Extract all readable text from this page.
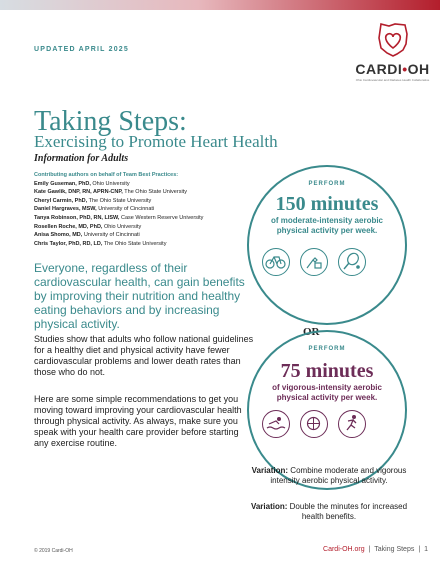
UPDATED APRIL 2025
CARDI•OH
Ohio Cardiovascular and Diabetes Health Collaborative
Taking Steps:
Exercising to Promote Heart Health
Information for Adults
Contributing authors on behalf of Team Best Practices:
Emily Guseman, PhD, Ohio University
Kate Gawlik, DNP, RN, APRN-CNP, The Ohio State University
Cheryl Carmin, PhD, The Ohio State University
Daniel Hargraves, MSW, University of Cincinnati
Tanya Robinson, PhD, RN, LISW, Case Western Reserve University
Rosellen Roche, MD, PhD, Ohio University
Anisa Shomo, MD, University of Cincinnati
Chris Taylor, PhD, RD, LD, The Ohio State University
Everyone, regardless of their cardiovascular health, can gain benefits by improving their nutrition and healthy eating behaviors and by increasing physical activity.
Studies show that adults who follow national guidelines for a healthy diet and physical activity have fewer cardiovascular problems and lower death rates than those who do not.
Here are some simple recommendations to get you moving toward improving your cardiovascular health through physical activity. As always, make sure you speak with your health care provider before starting any exercise routine.
PERFORM
150 minutes
of moderate-intensity aerobic physical activity per week.
OR
PERFORM
75 minutes
of vigorous-intensity aerobic physical activity per week.
Variation: Combine moderate and vigorous intensity aerobic physical activity.
Variation: Double the minutes for increased health benefits.
© 2019 Cardi-OH	Cardi-OH.org | Taking Steps | 1
